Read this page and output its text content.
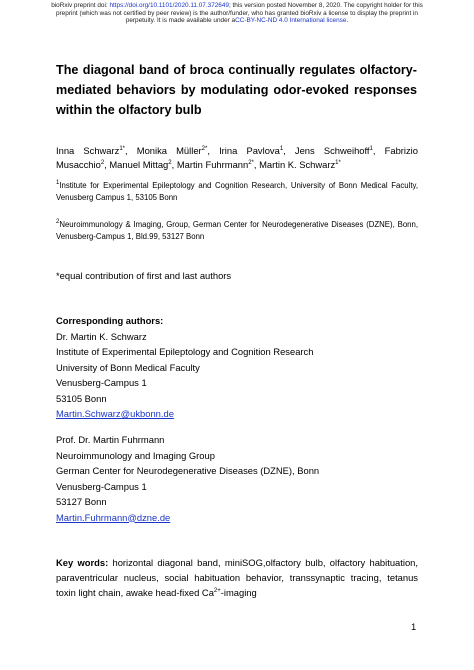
bioRxiv preprint doi: https://doi.org/10.1101/2020.11.07.372649; this version posted November 8, 2020. The copyright holder for this
preprint (which was not certified by peer review) is the author/funder, who has granted bioRxiv a license to display the preprint in
perpetuity. It is made available under aCC-BY-NC-ND 4.0 International license.
The diagonal band of broca continually regulates olfactory-mediated behaviors by modulating odor-evoked responses within the olfactory bulb
Inna Schwarz$^{1*}$, Monika Müller$^{2*}$, Irina Pavlova$^1$, Jens Schweihoff$^1$, Fabrizio Musacchio$^2$, Manuel Mittag$^2$, Martin Fuhrmann$^{2*}$, Martin K. Schwarz$^{1*}$
$^1$Institute for Experimental Epileptology and Cognition Research, University of Bonn Medical Faculty, Venusberg Campus 1, 53105 Bonn
$^2$Neuroimmunology & Imaging, Group, German Center for Neurodegenerative Diseases (DZNE), Bonn, Venusberg-Campus 1, Bld.99, 53127 Bonn
*equal contribution of first and last authors
Corresponding authors:
Dr. Martin K. Schwarz
Institute of Experimental Epileptology and Cognition Research
University of Bonn Medical Faculty
Venusberg-Campus 1
53105 Bonn
Martin.Schwarz@ukbonn.de
Prof. Dr. Martin Fuhrmann
Neuroimmunology and Imaging Group
German Center for Neurodegenerative Diseases (DZNE), Bonn
Venusberg-Campus 1
53127 Bonn
Martin.Fuhrmann@dzne.de
Key words: horizontal diagonal band, miniSOG,olfactory bulb, olfactory habituation, paraventricular nucleus, social habituation behavior, transsynaptic tracing, tetanus toxin light chain, awake head-fixed $Ca^{2+}$-imaging
1
